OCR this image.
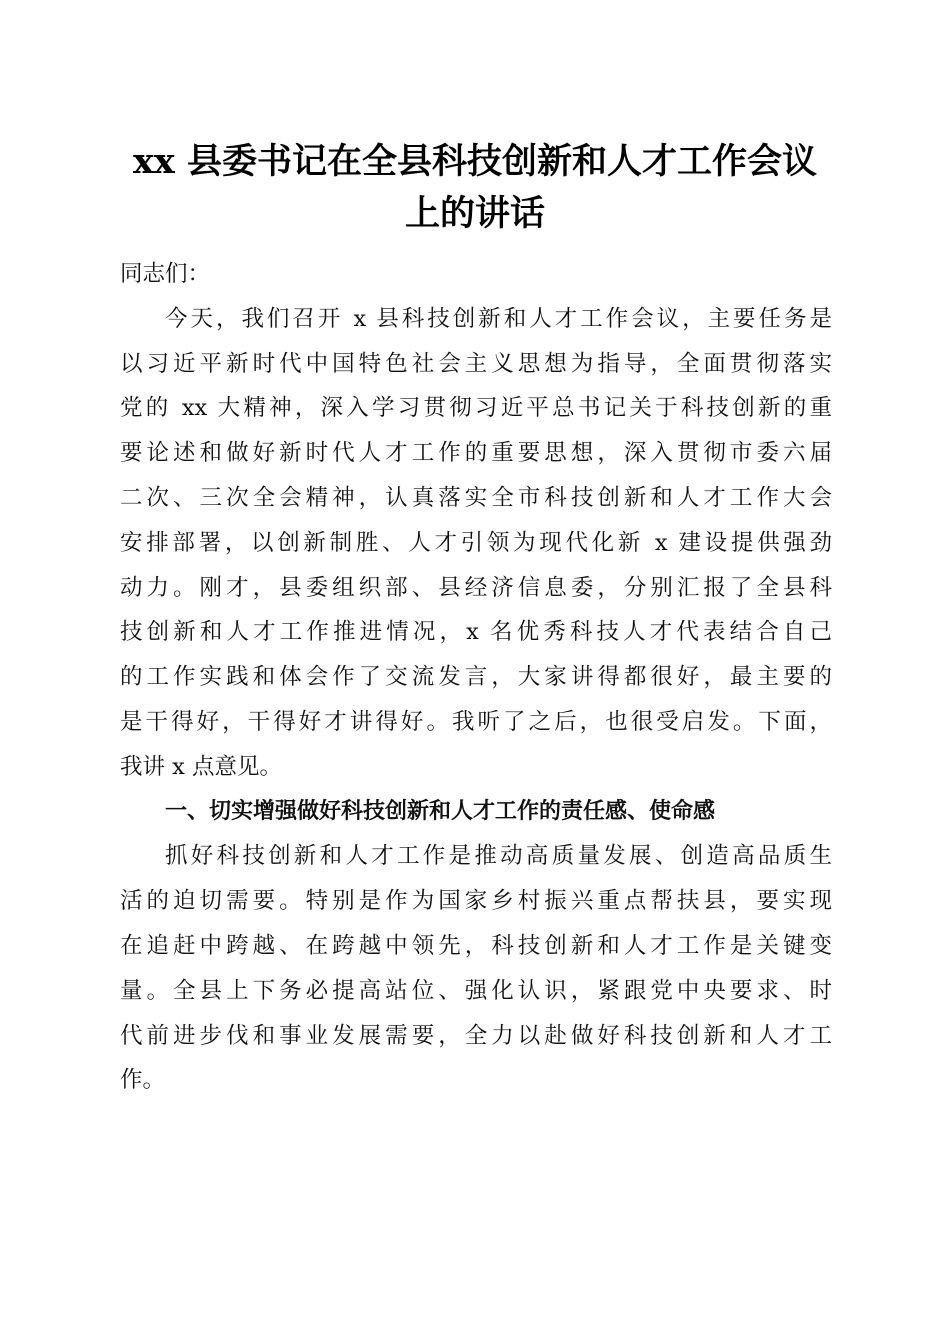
xx 县委书记在全县科技创新和人才工作会议
上的讲话
同志们：
今天，我们召开 x 县科技创新和人才工作会议，主要任务是
以习近平新时代中国特色社会主义思想为指导，全面贯彻落实
党的 xx 大精神，深入学习贯彻习近平总书记关于科技创新的重
要论述和做好新时代人才工作的重要思想，深入贯彻市委六届
二次、三次全会精神，认真落实全市科技创新和人才工作大会
安排部署，以创新制胜、人才引领为现代化新 x 建设提供强劲
动力。刚才，县委组织部、县经济信息委，分别汇报了全县科
技创新和人才工作推进情况，x 名优秀科技人才代表结合自己
的工作实践和体会作了交流发言，大家讲得都很好，最主要的
是干得好，干得好才讲得好。我听了之后，也很受启发。下面，
我讲 x 点意见。
一、切实增强做好科技创新和人才工作的责任感、使命感
抓好科技创新和人才工作是推动高质量发展、创造高品质生
活的迫切需要。特别是作为国家乡村振兴重点帮扶县，要实现
在追赶中跨越、在跨越中领先，科技创新和人才工作是关键变
量。全县上下务必提高站位、强化认识，紧跟党中央要求、时
代前进步伐和事业发展需要，全力以赴做好科技创新和人才工
作。
